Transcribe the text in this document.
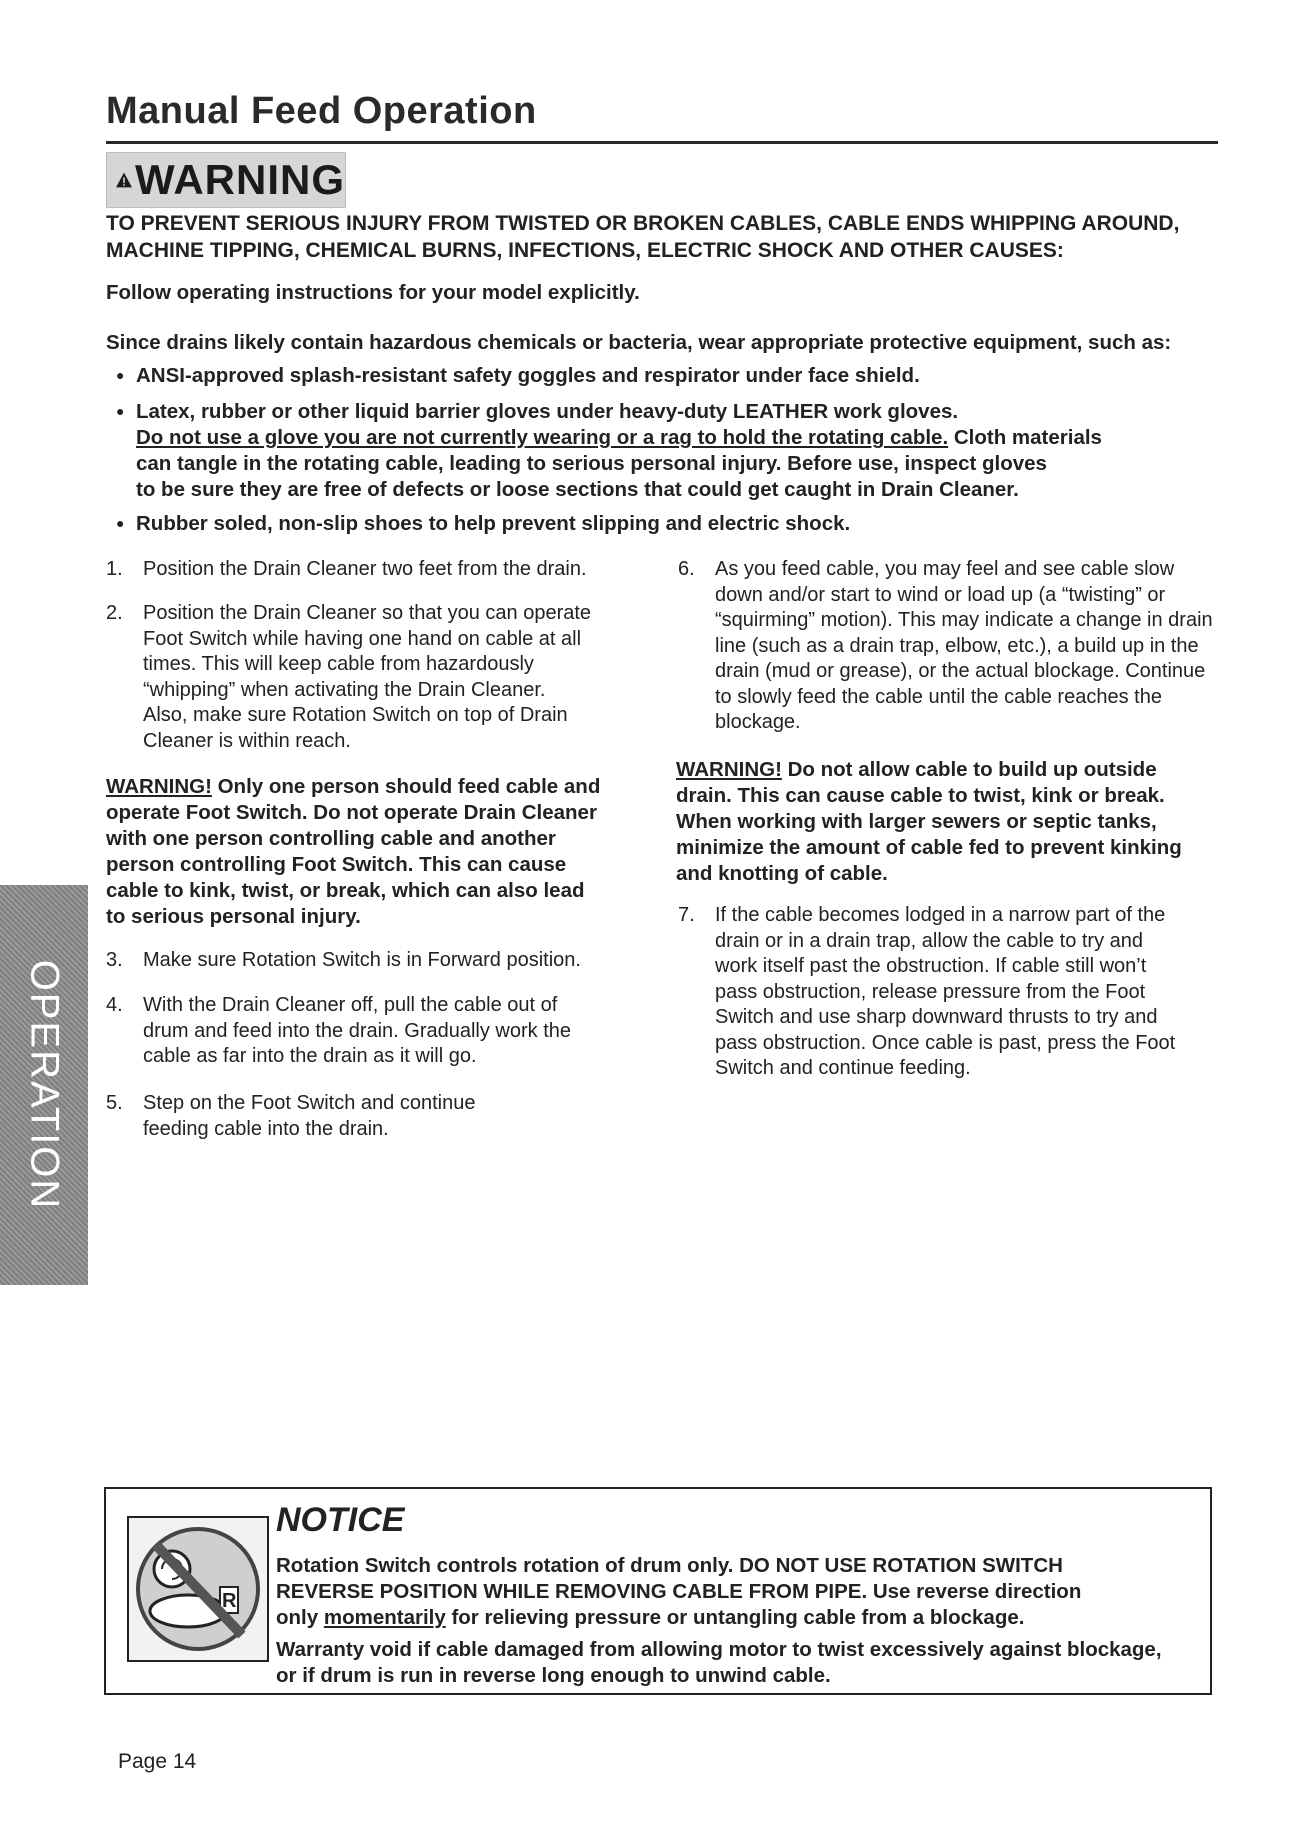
Manual Feed Operation
WARNING
TO PREVENT SERIOUS INJURY FROM TWISTED OR BROKEN CABLES, CABLE ENDS WHIPPING AROUND, MACHINE TIPPING, CHEMICAL BURNS, INFECTIONS, ELECTRIC SHOCK AND OTHER CAUSES:
Follow operating instructions for your model explicitly.
Since drains likely contain hazardous chemicals or bacteria, wear appropriate protective equipment, such as:
● ANSI-approved splash-resistant safety goggles and respirator under face shield.
● Latex, rubber or other liquid barrier gloves under heavy-duty LEATHER work gloves.
Do not use a glove you are not currently wearing or a rag to hold the rotating cable. Cloth materials
can tangle in the rotating cable, leading to serious personal injury. Before use, inspect gloves
to be sure they are free of defects or loose sections that could get caught in Drain Cleaner.
● Rubber soled, non-slip shoes to help prevent slipping and electric shock.
1. Position the Drain Cleaner two feet from the drain.
2. Position the Drain Cleaner so that you can operate Foot Switch while having one hand on cable at all times. This will keep cable from hazardously “whipping” when activating the Drain Cleaner. Also, make sure Rotation Switch on top of Drain Cleaner is within reach.
WARNING! Only one person should feed cable and operate Foot Switch. Do not operate Drain Cleaner with one person controlling cable and another person controlling Foot Switch. This can cause cable to kink, twist, or break, which can also lead to serious personal injury.
3. Make sure Rotation Switch is in Forward position.
4. With the Drain Cleaner off, pull the cable out of drum and feed into the drain. Gradually work the cable as far into the drain as it will go.
5. Step on the Foot Switch and continue feeding cable into the drain.
6. As you feed cable, you may feel and see cable slow down and/or start to wind or load up (a “twisting” or “squirming” motion). This may indicate a change in drain line (such as a drain trap, elbow, etc.), a build up in the drain (mud or grease), or the actual blockage. Continue to slowly feed the cable until the cable reaches the blockage.
WARNING! Do not allow cable to build up outside drain. This can cause cable to twist, kink or break. When working with larger sewers or septic tanks, minimize the amount of cable fed to prevent kinking and knotting of cable.
7. If the cable becomes lodged in a narrow part of the drain or in a drain trap, allow the cable to try and work itself past the obstruction. If cable still won’t pass obstruction, release pressure from the Foot Switch and use sharp downward thrusts to try and pass obstruction. Once cable is past, press the Foot Switch and continue feeding.
OPERATION
R
NOTICE
Rotation Switch controls rotation of drum only. DO NOT USE ROTATION SWITCH
REVERSE POSITION WHILE REMOVING CABLE FROM PIPE. Use reverse direction
only momentarily for relieving pressure or untangling cable from a blockage.
Warranty void if cable damaged from allowing motor to twist excessively against blockage,
or if drum is run in reverse long enough to unwind cable.
Page 14
